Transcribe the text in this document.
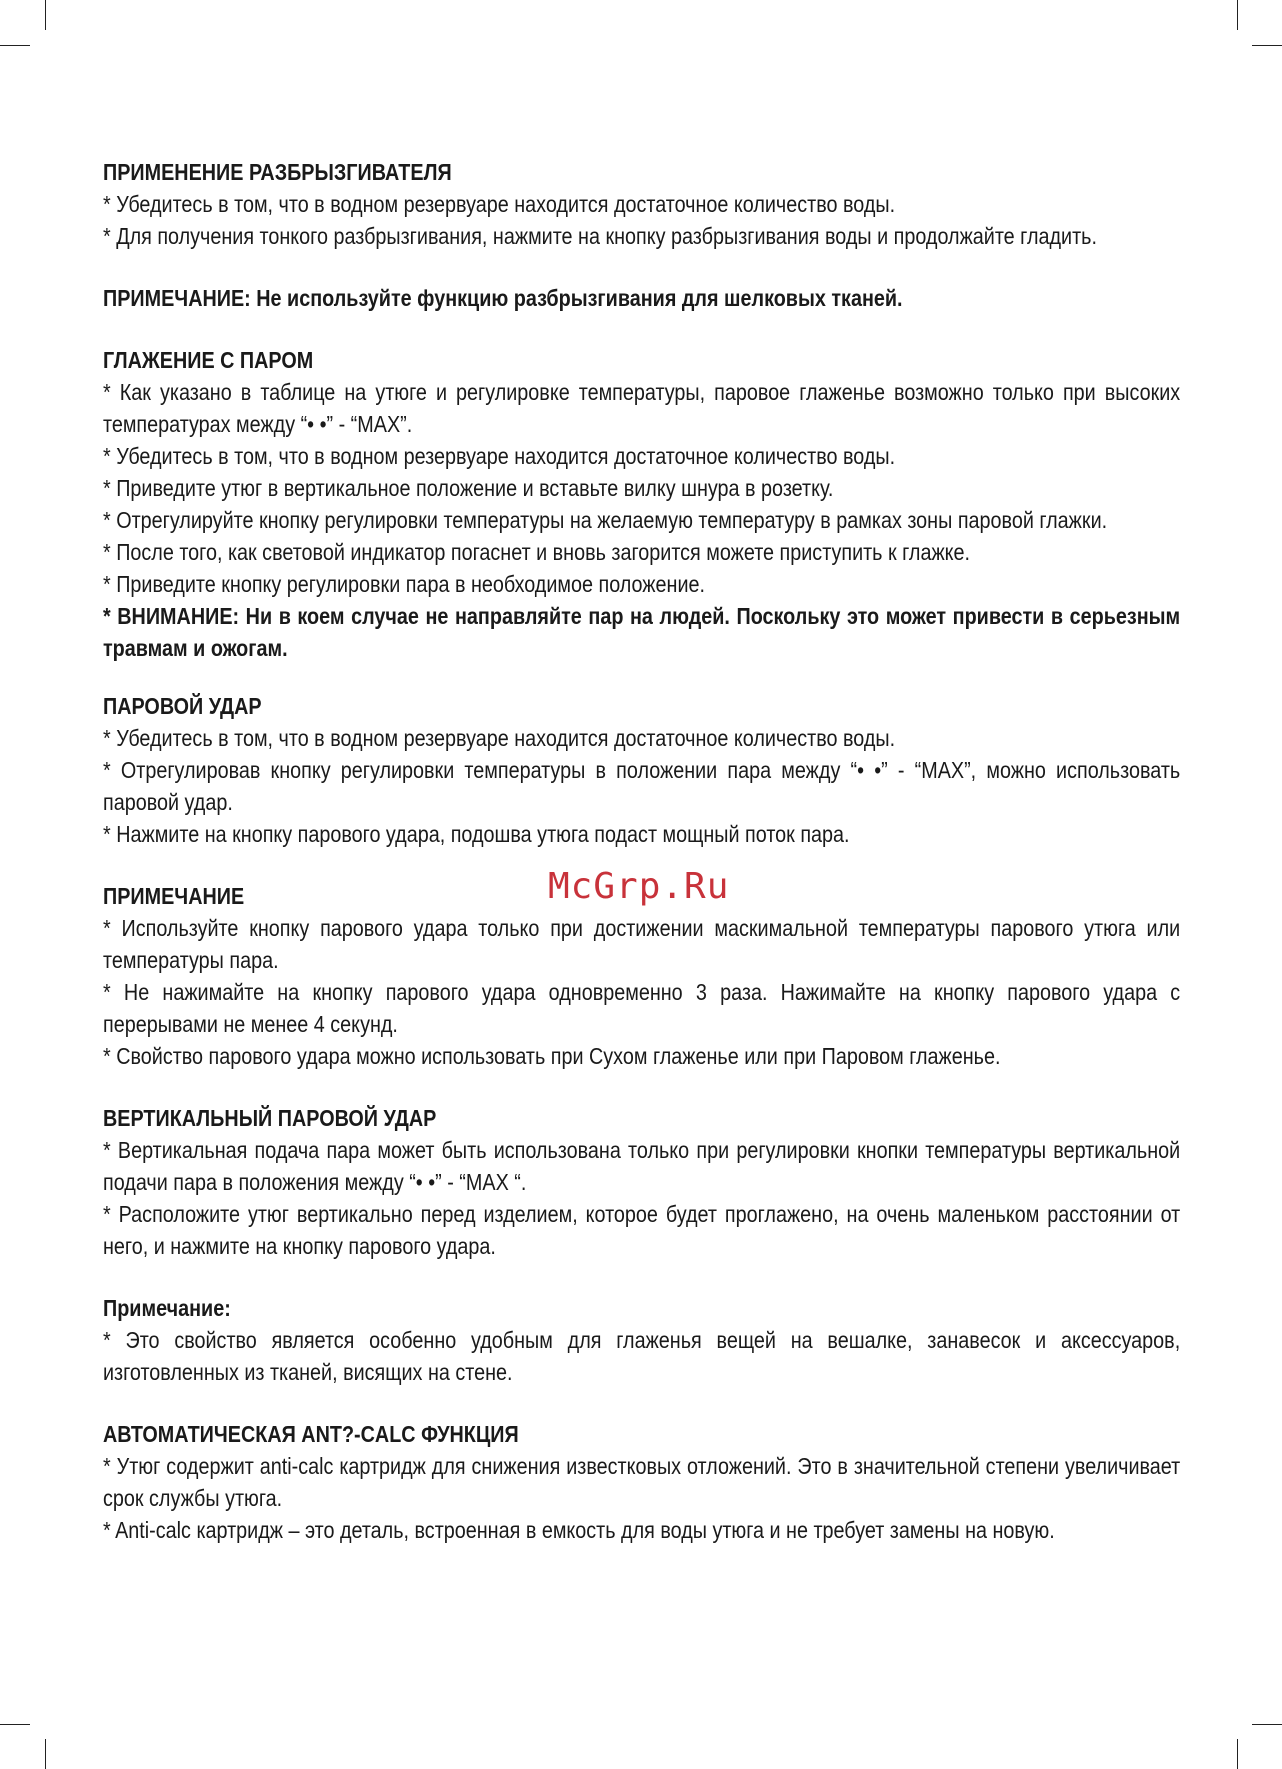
ПРИМЕНЕНИЕ РАЗБРЫЗГИВАТЕЛЯ
* Убедитесь в том, что в водном резервуаре находится достаточное количество воды.
* Для получения тонкого разбрызгивания, нажмите на кнопку разбрызгивания воды и продолжайте гладить.
ПРИМЕЧАНИЕ: Не используйте функцию разбрызгивания для шелковых тканей.
ГЛАЖЕНИЕ С ПАРОМ
* Как указано в таблице на утюге и регулировке температуры, паровое глаженье возможно только при высоких температурах между “• •” - “MAX”.
* Убедитесь в том, что в водном резервуаре находится достаточное количество воды.
* Приведите утюг в вертикальное положение и вставьте вилку шнура в розетку.
* Отрегулируйте кнопку регулировки температуры на желаемую температуру в рамках зоны паровой глажки.
* После того, как световой индикатор погаснет и вновь загорится можете приступить к глажке.
* Приведите кнопку регулировки пара в необходимое положение.
* ВНИМАНИЕ: Ни в коем случае не направляйте пар на людей. Поскольку это может привести в серьезным травмам и ожогам.
ПАРОВОЙ УДАР
* Убедитесь в том, что в водном резервуаре находится достаточное количество воды.
* Отрегулировав кнопку регулировки температуры в положении пара между “• •” - “MAX”, можно использовать паровой удар.
* Нажмите на кнопку парового удара, подошва утюга подаст мощный поток пара.
ПРИМЕЧАНИЕ
* Используйте кнопку парового удара только при достижении маскимальной температуры парового утюга или температуры пара.
* Не нажимайте на кнопку парового удара одновременно 3 раза. Нажимайте на кнопку парового удара с перерывами не менее 4 секунд.
* Свойство парового удара можно использовать при Сухом глаженье или при Паровом глаженье.
ВЕРТИКАЛЬНЫЙ ПАРОВОЙ УДАР
* Вертикальная подача пара может быть использована только при регулировки кнопки температуры вертикальной подачи пара в положения между “• •” - “MAX “.
* Расположите утюг вертикально перед изделием, которое будет проглажено, на очень маленьком расстоянии от него, и нажмите на кнопку парового удара.
Примечание:
* Это свойство является особенно удобным для глаженья вещей на вешалке, занавесок и аксессуаров, изготовленных из тканей, висящих на стене.
АВТОМАТИЧЕСКАЯ ANT?-CALC ФУНКЦИЯ
* Утюг содержит anti-calc картридж для снижения известковых отложений. Это в значительной степени увеличивает срок службы утюга.
* Anti-calc картридж – это деталь, встроенная в емкость для воды утюга и не требует замены на новую.
McGrp.Ru
